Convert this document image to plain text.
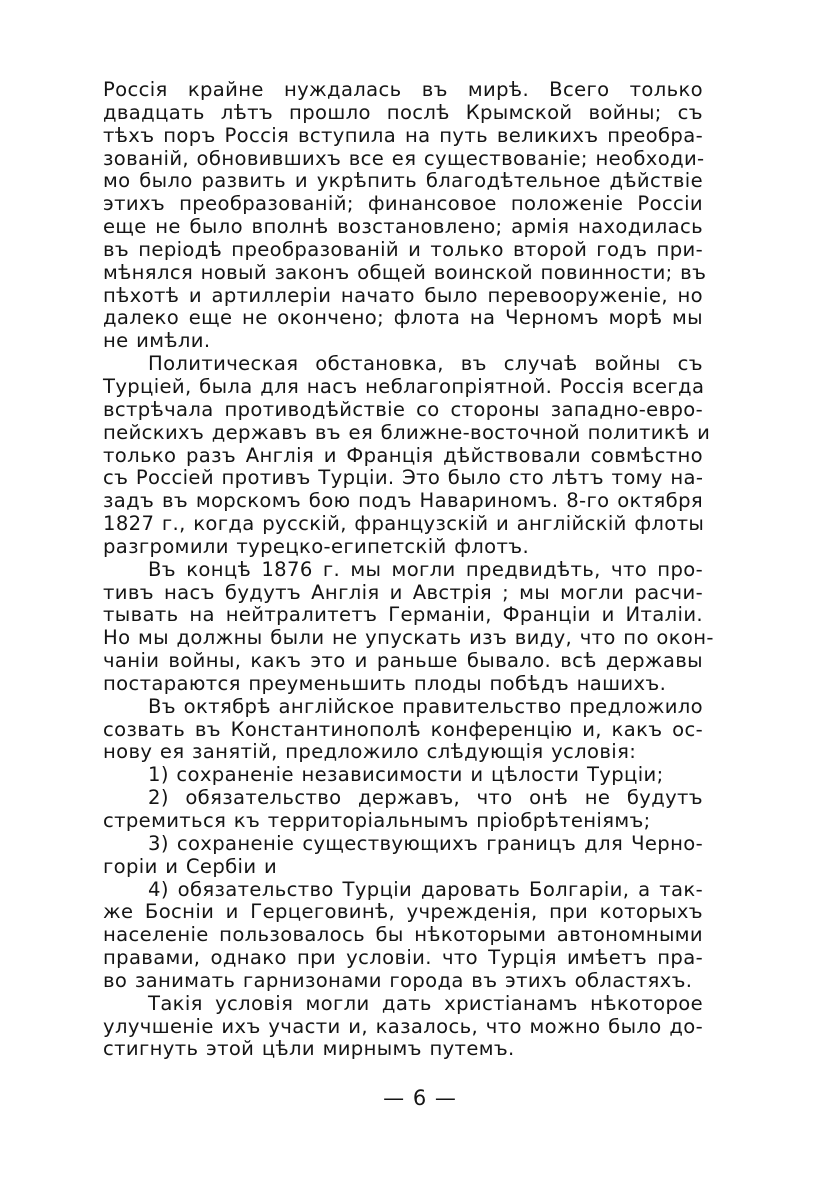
Россія крайне нуждалась въ мирѣ. Всего только
двадцать лѣтъ прошло послѣ Крымской войны; съ
тѣхъ поръ Россія вступила на путь великихъ преобра-
зованій, обновившихъ все ея существованіе; необходи-
мо было развить и укрѣпить благодѣтельное дѣйствіе
этихъ преобразованій; финансовое положеніе Россіи
еще не было вполнѣ возстановлено; армія находилась
въ періодѣ преобразованій и только второй годъ при-
мѣнялся новый законъ общей воинской повинности; въ
пѣхотѣ и артиллеріи начато было перевооруженіе, но
далеко еще не окончено; флота на Черномъ морѣ мы
не имѣли.

Политическая обстановка, въ случаѣ войны съ
Турціей, была для насъ неблагопріятной. Россія всегда
встрѣчала противодѣйствіе со стороны западно-евро-
пейскихъ державъ въ ея ближне-восточной политикѣ и
только разъ Англія и Франція дѣйствовали совмѣстно
съ Россіей противъ Турціи. Это было сто лѣтъ тому на-
задъ въ морскомъ бою подъ Навариномъ. 8-го октября
1827 г., когда русскій, французскій и англійскій флоты
разгромили турецко-египетскій флотъ.

Въ концѣ 1876 г. мы могли предвидѣть, что про-
тивъ насъ будутъ Англія и Австрія ; мы могли расчи-
тывать на нейтралитетъ Германіи, Франціи и Италіи.
Но мы должны были не упускать изъ виду, что по окон-
чаніи войны, какъ это и раньше бывало. всѣ державы
постараются преуменьшить плоды побѣдъ нашихъ.

Въ октябрѣ англійское правительство предложило
созвать въ Константинополѣ конференцію и, какъ ос-
нову ея занятій, предложило слѣдующія условія:

1) сохраненіе независимости и цѣлости Турціи;

2) обязательство державъ, что онѣ не будутъ
стремиться къ территоріальнымъ пріобрѣтеніямъ;

3) сохраненіе существующихъ границъ для Черно-
горіи и Сербіи и

4) обязательство Турціи даровать Болгаріи, а так-
же Босніи и Герцеговинѣ, учрежденія, при которыхъ
населеніе пользовалось бы нѣкоторыми автономными
правами, однако при условіи. что Турція имѣетъ пра-
во занимать гарнизонами города въ этихъ областяхъ.

Такія условія могли дать христіанамъ нѣкоторое
улучшеніе ихъ участи и, казалось, что можно было до-
стигнуть этой цѣли мирнымъ путемъ.

— 6 —
